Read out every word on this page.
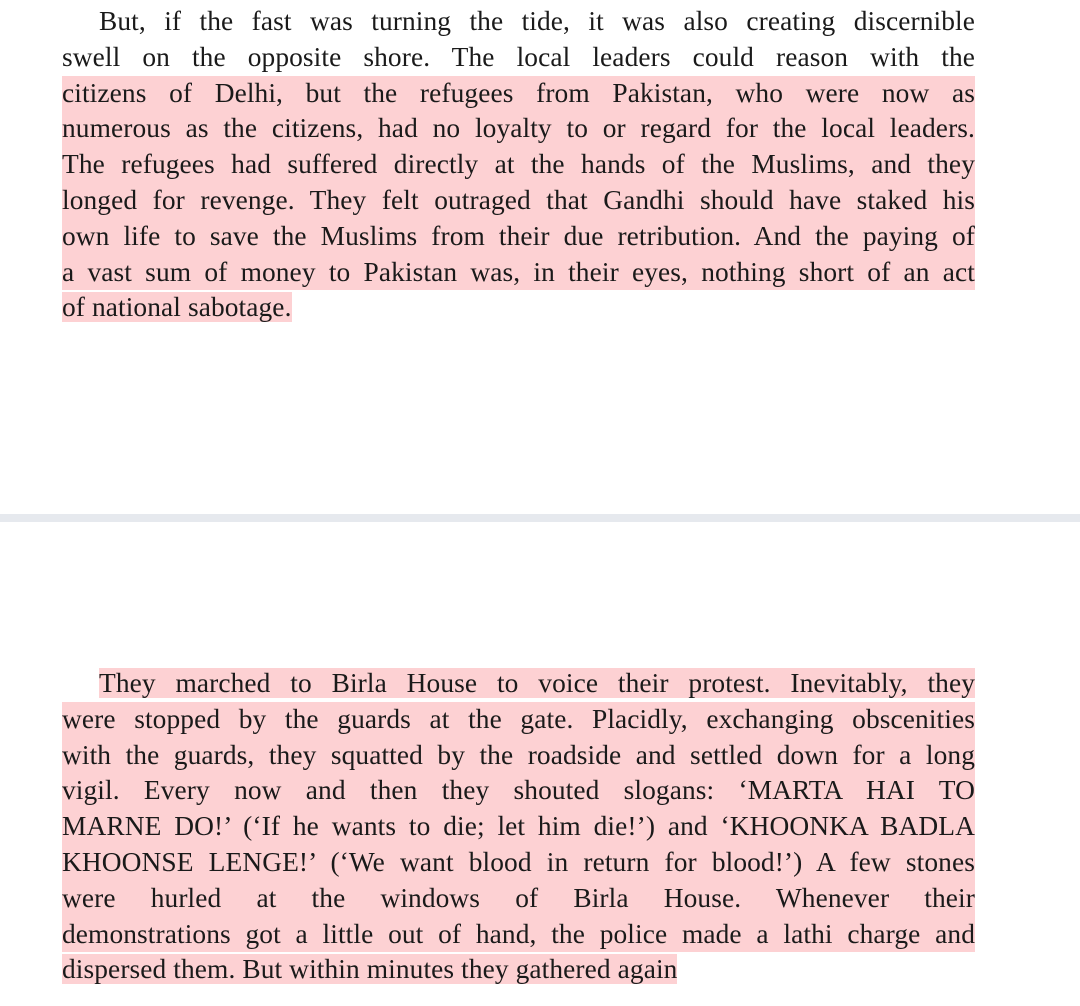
But, if the fast was turning the tide, it was also creating discernible
swell on the opposite shore. The local leaders could reason with the
citizens of Delhi, but the refugees from Pakistan, who were now as
numerous as the citizens, had no loyalty to or regard for the local leaders.
The refugees had suffered directly at the hands of the Muslims, and they
longed for revenge. They felt outraged that Gandhi should have staked his
own life to save the Muslims from their due retribution. And the paying of
a vast sum of money to Pakistan was, in their eyes, nothing short of an act
of national sabotage.
They marched to Birla House to voice their protest. Inevitably, they
were stopped by the guards at the gate. Placidly, exchanging obscenities
with the guards, they squatted by the roadside and settled down for a long
vigil. Every now and then they shouted slogans: ‘MARTA HAI TO
MARNE DO!’ (‘If he wants to die; let him die!’) and ‘KHOONKA BADLA
KHOONSE LENGE!’ (‘We want blood in return for blood!’) A few stones
were hurled at the windows of Birla House. Whenever their
demonstrations got a little out of hand, the police made a lathi charge and
dispersed them. But within minutes they gathered again
